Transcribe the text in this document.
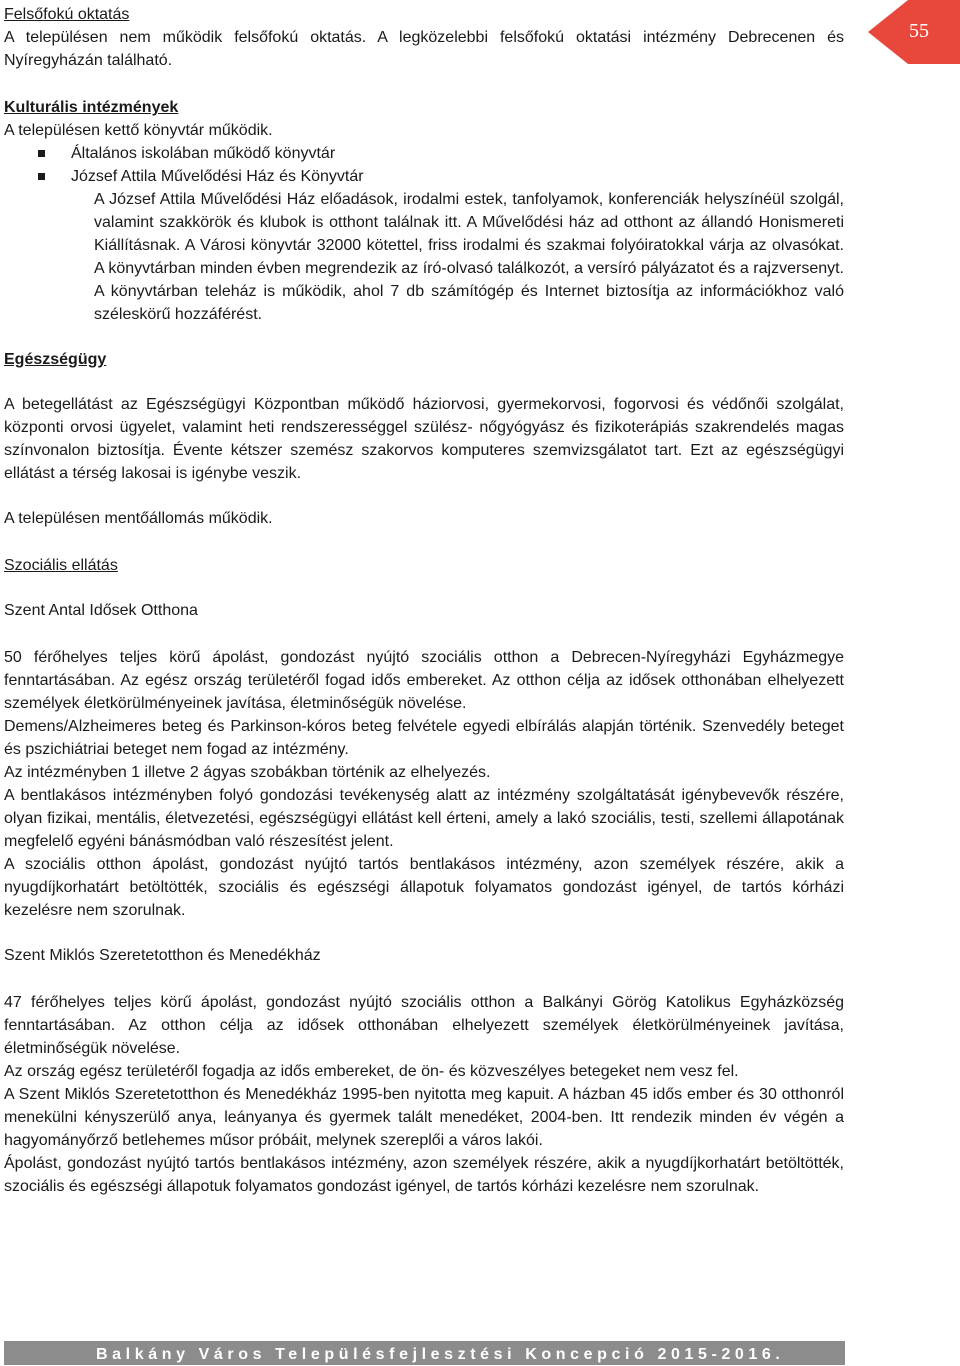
55
Felsőfokú oktatás

A településen nem működik felsőfokú oktatás. A legközelebbi felsőfokú oktatási intézmény Debrecenen és Nyíregyházán található.

Kulturális intézmények

A településen kettő könyvtár működik.

Általános iskolában működő könyvtár
József Attila Művelődési Ház és Könyvtár

A József Attila Művelődési Ház előadások, irodalmi estek, tanfolyamok, konferenciák helyszínéül szolgál, valamint szakkörök és klubok is otthont találnak itt. A Művelődési ház ad otthont az állandó Honismereti Kiállításnak. A Városi könyvtár 32000 kötettel, friss irodalmi és szakmai folyóiratokkal várja az olvasókat. A könyvtárban minden évben megrendezik az író-olvasó találkozót, a versíró pályázatot és a rajzversenyt. A könyvtárban teleház is működik, ahol 7 db számítógép és Internet biztosítja az információkhoz való széleskörű hozzáférést.

Egészségügy

A betegellátást az Egészségügyi Központban működő háziorvosi, gyermekorvosi, fogorvosi és védőnői szolgálat, központi orvosi ügyelet, valamint heti rendszerességgel szülész- nőgyógyász és fizikoterápiás szakrendelés magas színvonalon biztosítja. Évente kétszer szemész szakorvos komputeres szemvizsgálatot tart. Ezt az egészségügyi ellátást a térség lakosai is igénybe veszik.

A településen mentőállomás működik.

Szociális ellátás

Szent Antal Idősek Otthona

50 férőhelyes teljes körű ápolást, gondozást nyújtó szociális otthon a Debrecen-Nyíregyházi Egyházmegye fenntartásában. Az egész ország területéről fogad idős embereket. Az otthon célja az idősek otthonában elhelyezett személyek életkörülményeinek javítása, életminőségük növelése.

Demens/Alzheimeres beteg és Parkinson-kóros beteg felvétele egyedi elbírálás alapján történik. Szenvedély beteget és pszichiátriai beteget nem fogad az intézmény.

Az intézményben 1 illetve 2 ágyas szobákban történik az elhelyezés.

A bentlakásos intézményben folyó gondozási tevékenység alatt az intézmény szolgáltatását igénybevevők részére, olyan fizikai, mentális, életvezetési, egészségügyi ellátást kell érteni, amely a lakó szociális, testi, szellemi állapotának megfelelő egyéni bánásmódban való részesítést jelent.

A szociális otthon ápolást, gondozást nyújtó tartós bentlakásos intézmény, azon személyek részére, akik a nyugdíjkorhatárt betöltötték, szociális és egészségi állapotuk folyamatos gondozást igényel, de tartós kórházi kezelésre nem szorulnak.

Szent Miklós Szeretetotthon és Menedékház

47 férőhelyes teljes körű ápolást, gondozást nyújtó szociális otthon a Balkányi Görög Katolikus Egyházközség fenntartásában. Az otthon célja az idősek otthonában elhelyezett személyek életkörülményeinek javítása, életminőségük növelése.

Az ország egész területéről fogadja az idős embereket, de ön- és közveszélyes betegeket nem vesz fel.

A Szent Miklós Szeretetotthon és Menedékház 1995-ben nyitotta meg kapuit. A házban 45 idős ember és 30 otthonról menekülni kényszerülő anya, leányanya és gyermek talált menedéket, 2004-ben. Itt rendezik minden év végén a hagyományőrző betlehemes műsor próbáit, melynek szereplői a város lakói.

Ápolást, gondozást nyújtó tartós bentlakásos intézmény, azon személyek részére, akik a nyugdíjkorhatárt betöltötték, szociális és egészségi állapotuk folyamatos gondozást igényel, de tartós kórházi kezelésre nem szorulnak.

Balkány Város Településfejlesztési Koncepció 2015-2016.
